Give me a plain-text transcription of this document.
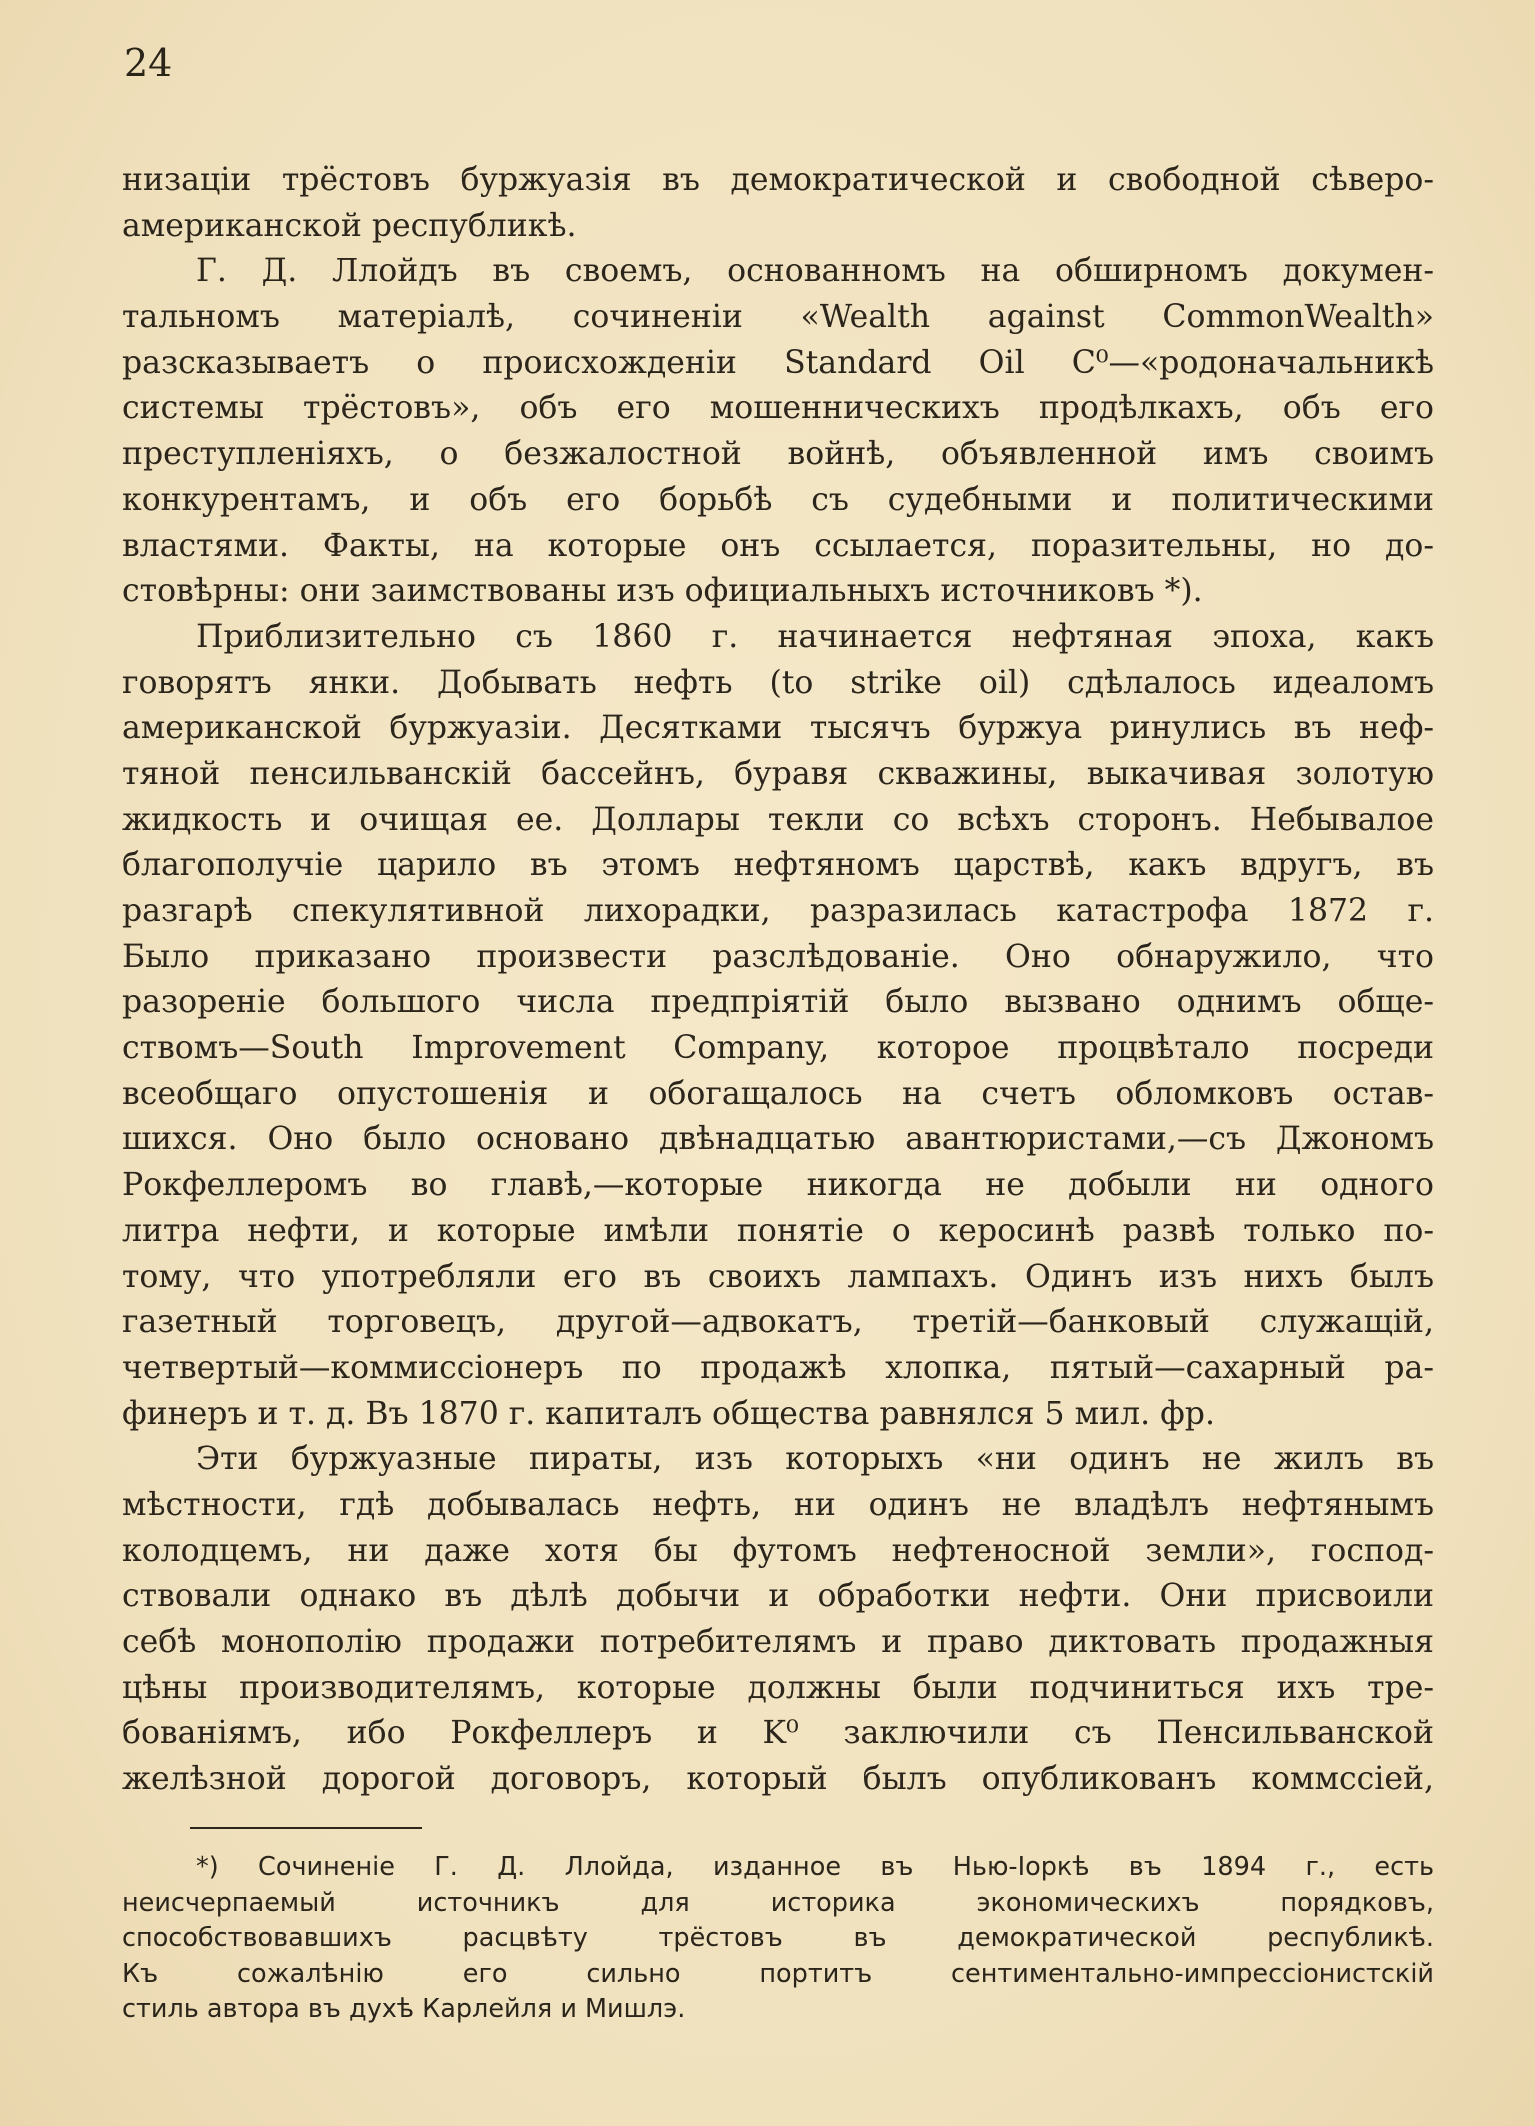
24
низаціи трёстовъ буржуазія въ демократической и свободной сѣверо-
американской республикѣ.
Г. Д. Ллойдъ въ своемъ, основанномъ на обширномъ докумен-
тальномъ матеріалѣ, сочиненіи «Wealth against CommonWealth»
разсказываетъ о происхожденіи Standard Oil C⁰—«родоначальникѣ
системы трёстовъ», объ его мошенническихъ продѣлкахъ, объ его
преступленіяхъ, о безжалостной войнѣ, объявленной имъ своимъ
конкурентамъ, и объ его борьбѣ съ судебными и политическими
властями. Факты, на которые онъ ссылается, поразительны, но до-
стовѣрны: они заимствованы изъ официальныхъ источниковъ *).
Приблизительно съ 1860 г. начинается нефтяная эпоха, какъ
говорятъ янки. Добывать нефть (to strike oil) сдѣлалось идеаломъ
американской буржуазіи. Десятками тысячъ буржуа ринулись въ неф-
тяной пенсильванскій бассейнъ, буравя скважины, выкачивая золотую
жидкость и очищая ее. Доллары текли со всѣхъ сторонъ. Небывалое
благополучіе царило въ этомъ нефтяномъ царствѣ, какъ вдругъ, въ
разгарѣ спекулятивной лихорадки, разразилась катастрофа 1872 г.
Было приказано произвести разслѣдованіе. Оно обнаружило, что
разореніе большого числа предпріятій было вызвано однимъ обще-
ствомъ—South Improvement Company, которое процвѣтало посреди
всеобщаго опустошенія и обогащалось на счетъ обломковъ остав-
шихся. Оно было основано двѣнадцатью авантюристами,—съ Джономъ
Рокфеллеромъ во главѣ,—которые никогда не добыли ни одного
литра нефти, и которые имѣли понятіе о керосинѣ развѣ только по-
тому, что употребляли его въ своихъ лампахъ. Одинъ изъ нихъ былъ
газетный торговецъ, другой—адвокатъ, третій—банковый служащій,
четвертый—коммиссіонеръ по продажѣ хлопка, пятый—сахарный ра-
финеръ и т. д. Въ 1870 г. капиталъ общества равнялся 5 мил. фр.
Эти буржуазные пираты, изъ которыхъ «ни одинъ не жилъ въ
мѣстности, гдѣ добывалась нефть, ни одинъ не владѣлъ нефтянымъ
колодцемъ, ни даже хотя бы футомъ нефтеносной земли», господ-
ствовали однако въ дѣлѣ добычи и обработки нефти. Они присвоили
себѣ монополію продажи потребителямъ и право диктовать продажныя
цѣны производителямъ, которые должны были подчиниться ихъ тре-
бованіямъ, ибо Рокфеллеръ и K⁰ заключили съ Пенсильванской
желѣзной дорогой договоръ, который былъ опубликованъ коммссіей,
*) Сочиненіе Г. Д. Ллойда, изданное въ Нью-Іоркѣ въ 1894 г., есть
неисчерпаемый источникъ для историка экономическихъ порядковъ,
способствовавшихъ расцвѣту трёстовъ въ демократической республикѣ.
Къ сожалѣнію его сильно портитъ сентиментально-импрессіонистскій
стиль автора въ духѣ Карлейля и Мишлэ.
